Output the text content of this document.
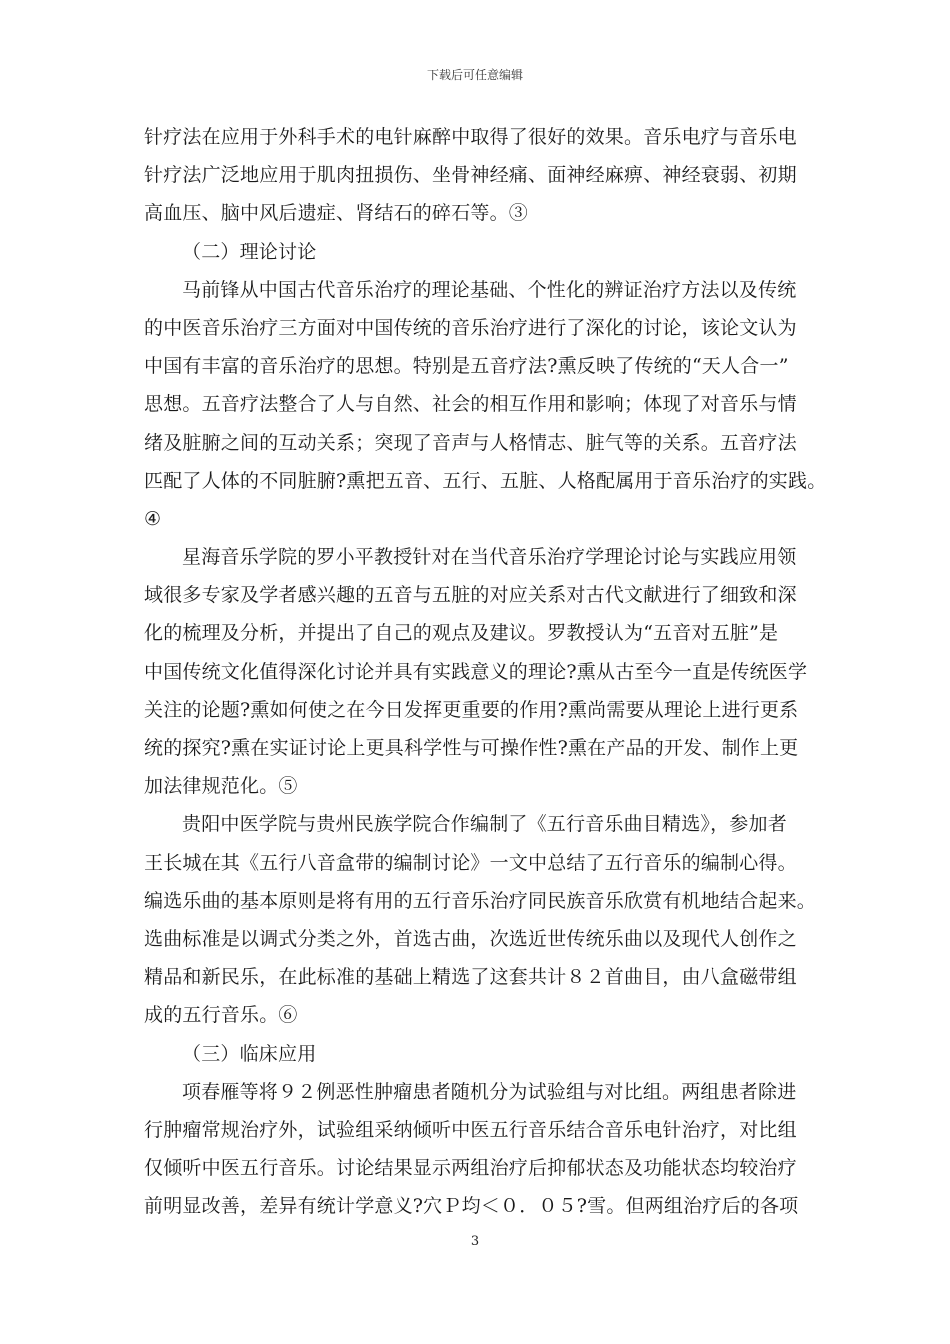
下载后可任意编辑
针疗法在应用于外科手术的电针麻醉中取得了很好的效果。音乐电疗与音乐电
针疗法广泛地应用于肌肉扭损伤、坐骨神经痛、面神经麻痹、神经衰弱、初期
高血压、脑中风后遗症、肾结石的碎石等。③
（二）理论讨论
马前锋从中国古代音乐治疗的理论基础、个性化的辨证治疗方法以及传统
的中医音乐治疗三方面对中国传统的音乐治疗进行了深化的讨论，该论文认为
中国有丰富的音乐治疗的思想。特别是五音疗法?熏反映了传统的“天人合一”
思想。五音疗法整合了人与自然、社会的相互作用和影响；体现了对音乐与情
绪及脏腑之间的互动关系；突现了音声与人格情志、脏气等的关系。五音疗法
匹配了人体的不同脏腑?熏把五音、五行、五脏、人格配属用于音乐治疗的实践。
④
星海音乐学院的罗小平教授针对在当代音乐治疗学理论讨论与实践应用领
域很多专家及学者感兴趣的五音与五脏的对应关系对古代文献进行了细致和深
化的梳理及分析，并提出了自己的观点及建议。罗教授认为“五音对五脏”是
中国传统文化值得深化讨论并具有实践意义的理论?熏从古至今一直是传统医学
关注的论题?熏如何使之在今日发挥更重要的作用?熏尚需要从理论上进行更系
统的探究?熏在实证讨论上更具科学性与可操作性?熏在产品的开发、制作上更
加法律规范化。⑤
贵阳中医学院与贵州民族学院合作编制了《五行音乐曲目精选》，参加者
王长城在其《五行八音盒带的编制讨论》一文中总结了五行音乐的编制心得。
编选乐曲的基本原则是将有用的五行音乐治疗同民族音乐欣赏有机地结合起来。
选曲标准是以调式分类之外，首选古曲，次选近世传统乐曲以及现代人创作之
精品和新民乐，在此标准的基础上精选了这套共计８２首曲目，由八盒磁带组
成的五行音乐。⑥
（三）临床应用
项春雁等将９２例恶性肿瘤患者随机分为试验组与对比组。两组患者除进
行肿瘤常规治疗外，试验组采纳倾听中医五行音乐结合音乐电针治疗，对比组
仅倾听中医五行音乐。讨论结果显示两组治疗后抑郁状态及功能状态均较治疗
前明显改善，差异有统计学意义?穴Ｐ均＜０．０５?雪。但两组治疗后的各项
3
